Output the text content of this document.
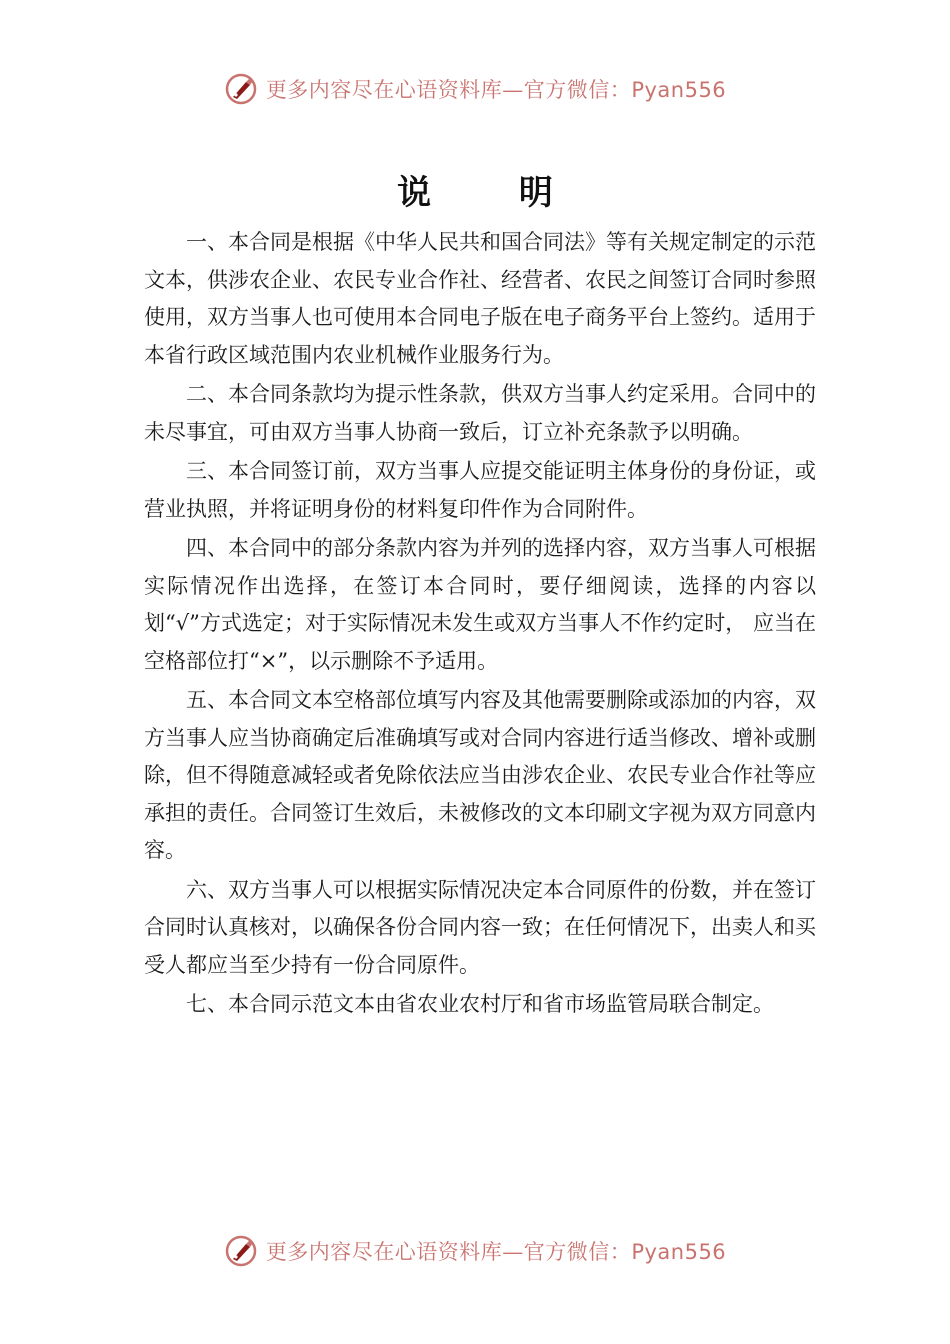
更多内容尽在心语资料库—官方微信：Pyan556
说 明

一、本合同是根据《中华人民共和国合同法》等有关规定制定的示范文本，供涉农企业、农民专业合作社、经营者、农民之间签订合同时参照使用，双方当事人也可使用本合同电子版在电子商务平台上签约。适用于本省行政区域范围内农业机械作业服务行为。

二、本合同条款均为提示性条款，供双方当事人约定采用。合同中的未尽事宜，可由双方当事人协商一致后，订立补充条款予以明确。

三、本合同签订前，双方当事人应提交能证明主体身份的身份证，或营业执照，并将证明身份的材料复印件作为合同附件。

四、本合同中的部分条款内容为并列的选择内容，双方当事人可根据实际情况作出选择，在签订本合同时，要仔细阅读，选择的内容以划“√”方式选定；对于实际情况未发生或双方当事人不作约定时， 应当在空格部位打“×”，以示删除不予适用。

五、本合同文本空格部位填写内容及其他需要删除或添加的内容，双方当事人应当协商确定后准确填写或对合同内容进行适当修改、增补或删除，但不得随意减轻或者免除依法应当由涉农企业、农民专业合作社等应承担的责任。合同签订生效后，未被修改的文本印刷文字视为双方同意内容。

六、双方当事人可以根据实际情况决定本合同原件的份数，并在签订合同时认真核对，以确保各份合同内容一致；在任何情况下，出卖人和买受人都应当至少持有一份合同原件。

七、本合同示范文本由省农业农村厅和省市场监管局联合制定。

更多内容尽在心语资料库—官方微信：Pyan556
